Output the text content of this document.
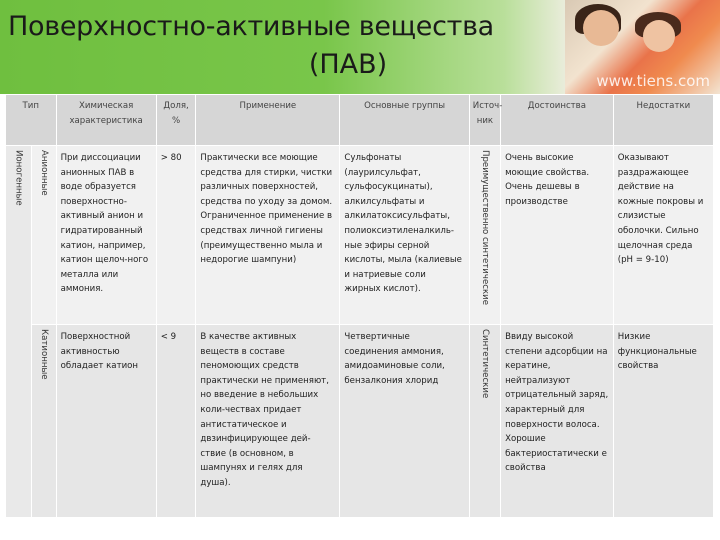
Поверхностно-активные вещества
(ПАВ)
www.tiens.com
Тип		Химическая характеристика	Доля, %	Применение	Основные группы	Источ-ник	Достоинства	Недостатки

Ионогенные	Анионные	При диссоциации анионных ПАВ в воде образуется поверхностно-активный анион и гидратированный катион, например, катион щелоч-ного металла или аммония.	> 80	Практически все моющие средства для стирки, чистки различных поверхностей, средства по уходу за домом. Ограниченное применение в средствах личной гигиены (преимущественно мыла и недорогие шампуни)	Сульфонаты (лаурилсульфат, сульфосукцинаты), алкилсульфаты и алкилатоксисульфаты, полиоксиэтиленалкиль-ные эфиры серной кислоты, мыла (калиевые и натриевые соли жирных кислот).	Преимущественно синтетические	Очень высокие моющие свойства. Очень дешевы в производстве	Оказывают раздражающее действие на кожные покровы и слизистые оболочки. Сильно щелочная среда (pH = 9-10)

	Катионные	Поверхностной активностью обладает катион	< 9	В качестве активных веществ в составе пеномоющих средств практически не применяют, но введение в небольших коли-чествах придает антистатическое и двзинфицирующее дей-ствие (в основном, в шампунях и гелях для душа).	Четвертичные соединения аммония, амидоаминовые соли, бензалкония хлорид	Синтетические	Ввиду высокой степени адсорбции на кератине, нейтрализуют отрицательный заряд, характерный для поверхности волоса. Хорошие бактериостатически е свойства	Низкие функциональные свойства
